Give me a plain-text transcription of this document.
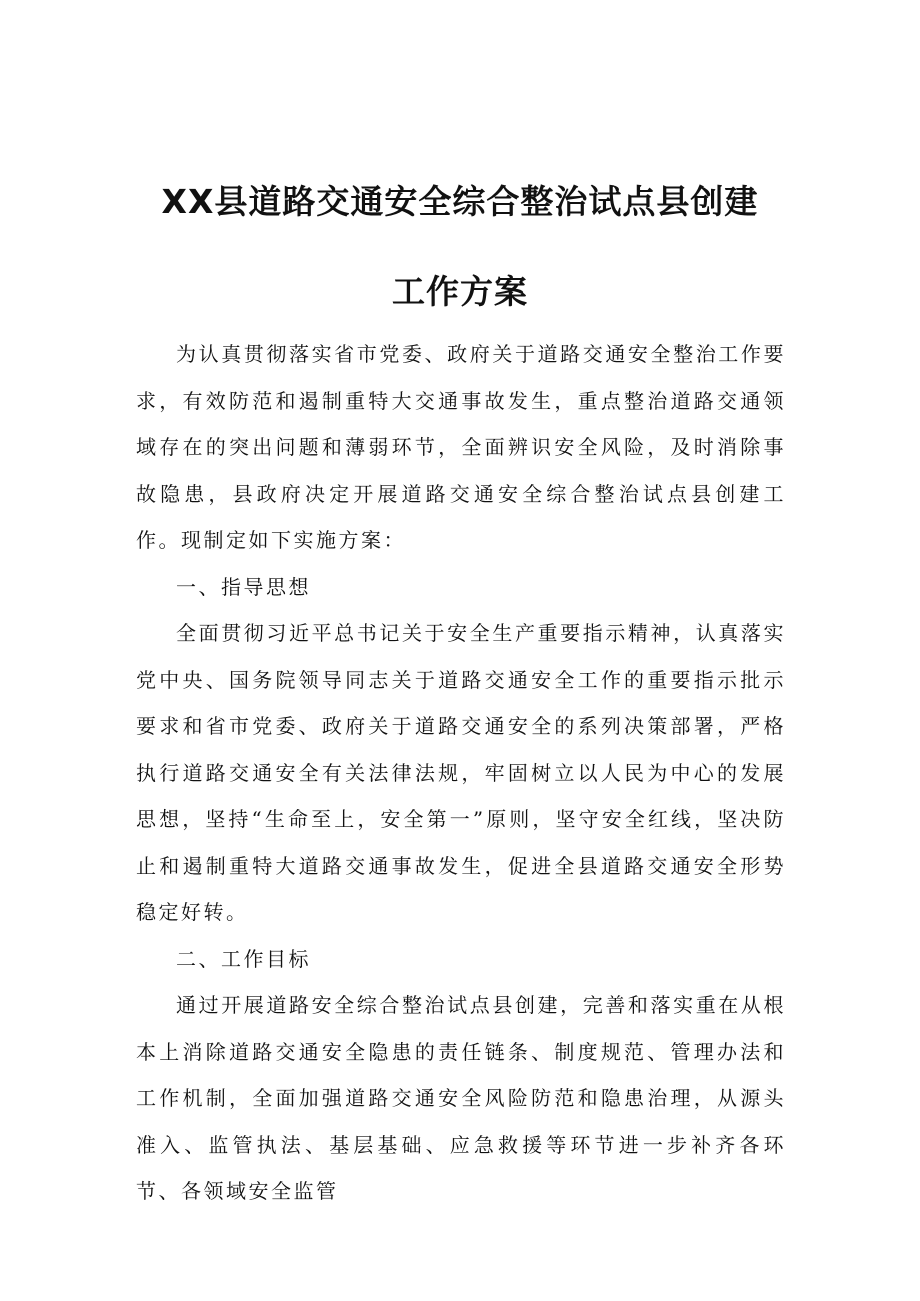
XX县道路交通安全综合整治试点县创建
工作方案

为认真贯彻落实省市党委、政府关于道路交通安全整治工作要求，有效防范和遏制重特大交通事故发生，重点整治道路交通领域存在的突出问题和薄弱环节，全面辨识安全风险，及时消除事故隐患，县政府决定开展道路交通安全综合整治试点县创建工作。现制定如下实施方案：

一、指导思想

全面贯彻习近平总书记关于安全生产重要指示精神，认真落实党中央、国务院领导同志关于道路交通安全工作的重要指示批示要求和省市党委、政府关于道路交通安全的系列决策部署，严格执行道路交通安全有关法律法规，牢固树立以人民为中心的发展思想，坚持“生命至上，安全第一”原则，坚守安全红线，坚决防止和遏制重特大道路交通事故发生，促进全县道路交通安全形势稳定好转。

二、工作目标

通过开展道路安全综合整治试点县创建，完善和落实重在从根本上消除道路交通安全隐患的责任链条、制度规范、管理办法和工作机制，全面加强道路交通安全风险防范和隐患治理，从源头准入、监管执法、基层基础、应急救援等环节进一步补齐各环节、各领域安全监管
